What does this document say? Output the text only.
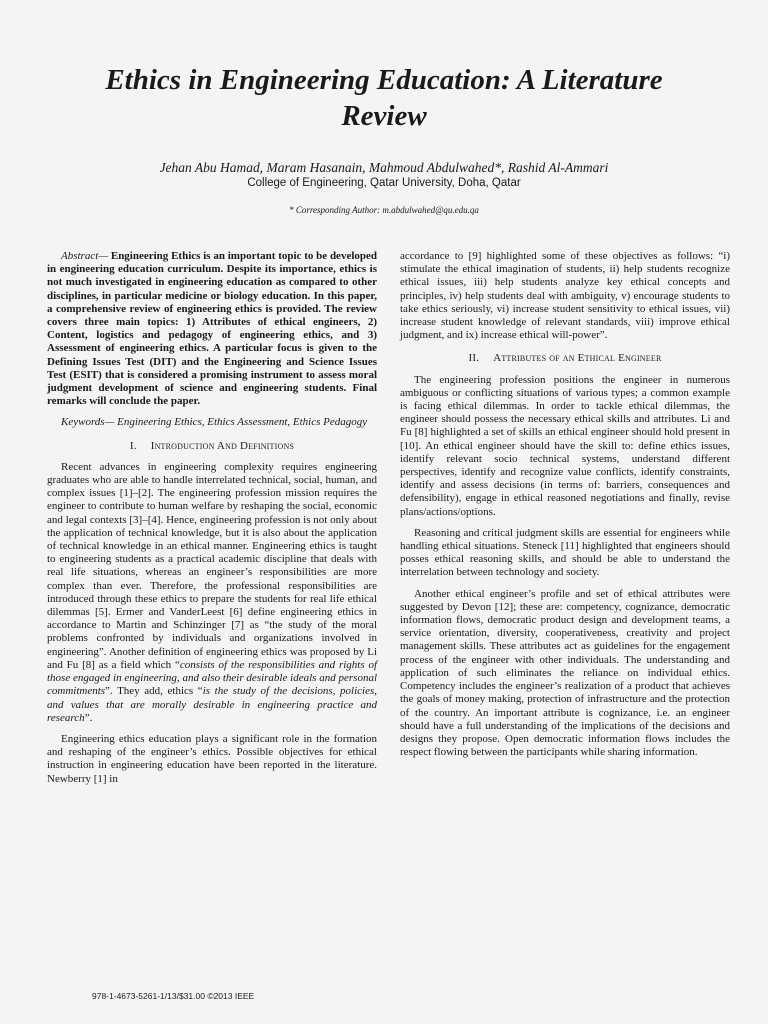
Ethics in Engineering Education: A Literature Review

Jehan Abu Hamad, Maram Hasanain, Mahmoud Abdulwahed*, Rashid Al-Ammari

College of Engineering, Qatar University, Doha, Qatar

* Corresponding Author: m.abdulwahed@qu.edu.qa

Abstract— Engineering Ethics is an important topic to be developed in engineering education curriculum. Despite its importance, ethics is not much investigated in engineering education as compared to other disciplines, in particular medicine or biology education. In this paper, a comprehensive review of engineering ethics is provided. The review covers three main topics: 1) Attributes of ethical engineers, 2) Content, logistics and pedagogy of engineering ethics, and 3) Assessment of engineering ethics. A particular focus is given to the Defining Issues Test (DIT) and the Engineering and Science Issues Test (ESIT) that is considered a promising instrument to assess moral judgment development of science and engineering students. Final remarks will conclude the paper.

Keywords— Engineering Ethics, Ethics Assessment, Ethics Pedagogy

I. Introduction And Definitions

Recent advances in engineering complexity requires engineering graduates who are able to handle interrelated technical, social, human, and complex issues [1]–[2]. The engineering profession mission requires the engineer to contribute to human welfare by reshaping the social, economic and legal contexts [3]–[4]. Hence, engineering profession is not only about the application of technical knowledge, but it is also about the application of technical knowledge in an ethical manner. Engineering ethics is taught to engineering students as a practical academic discipline that deals with real life situations, whereas an engineer’s responsibilities are more complex than ever. Therefore, the professional responsibilities are introduced through these ethics to prepare the students for real life ethical dilemmas [5]. Ermer and VanderLeest [6] define engineering ethics in accordance to Martin and Schinzinger [7] as “the study of the moral problems confronted by individuals and organizations involved in engineering”. Another definition of engineering ethics was proposed by Li and Fu [8] as a field which “consists of the responsibilities and rights of those engaged in engineering, and also their desirable ideals and personal commitments”. They add, ethics “is the study of the decisions, policies, and values that are morally desirable in engineering practice and research”.

Engineering ethics education plays a significant role in the formation and reshaping of the engineer’s ethics. Possible objectives for ethical instruction in engineering education have been reported in the literature. Newberry [1] in

accordance to [9] highlighted some of these objectives as follows: “i) stimulate the ethical imagination of students, ii) help students recognize ethical issues, iii) help students analyze key ethical concepts and principles, iv) help students deal with ambiguity, v) encourage students to take ethics seriously, vi) increase student sensitivity to ethical issues, vii) increase student knowledge of relevant standards, viii) improve ethical judgment, and ix) increase ethical will-power”.

II. Attributes of an Ethical Engineer

The engineering profession positions the engineer in numerous ambiguous or conflicting situations of various types; a common example is facing ethical dilemmas. In order to tackle ethical dilemmas, the engineer should possess the necessary ethical skills and attributes. Li and Fu [8] highlighted a set of skills an ethical engineer should hold present in [10]. An ethical engineer should have the skill to: define ethics issues, identify relevant socio technical systems, understand different perspectives, identify and recognize value conflicts, identify constraints, identify and assess decisions (in terms of: barriers, consequences and defensibility), engage in ethical reasoned negotiations and finally, revise plans/actions/options.

Reasoning and critical judgment skills are essential for engineers while handling ethical situations. Steneck [11] highlighted that engineers should posses ethical reasoning skills, and should be able to understand the interrelation between technology and society.

Another ethical engineer’s profile and set of ethical attributes were suggested by Devon [12]; these are: competency, cognizance, democratic information flows, democratic product design and development teams, a service orientation, diversity, cooperativeness, creativity and project management skills. These attributes act as guidelines for the engagement process of the engineer with other individuals. The understanding and application of such eliminates the reliance on individual ethics. Competency includes the engineer’s realization of a product that achieves the goals of money making, protection of infrastructure and the protection of the country. An important attribute is cognizance, i.e. an engineer should have a full understanding of the implications of the decisions and designs they propose. Open democratic information flows includes the respect flowing between the participants while sharing information.

978-1-4673-5261-1/13/$31.00 ©2013 IEEE
